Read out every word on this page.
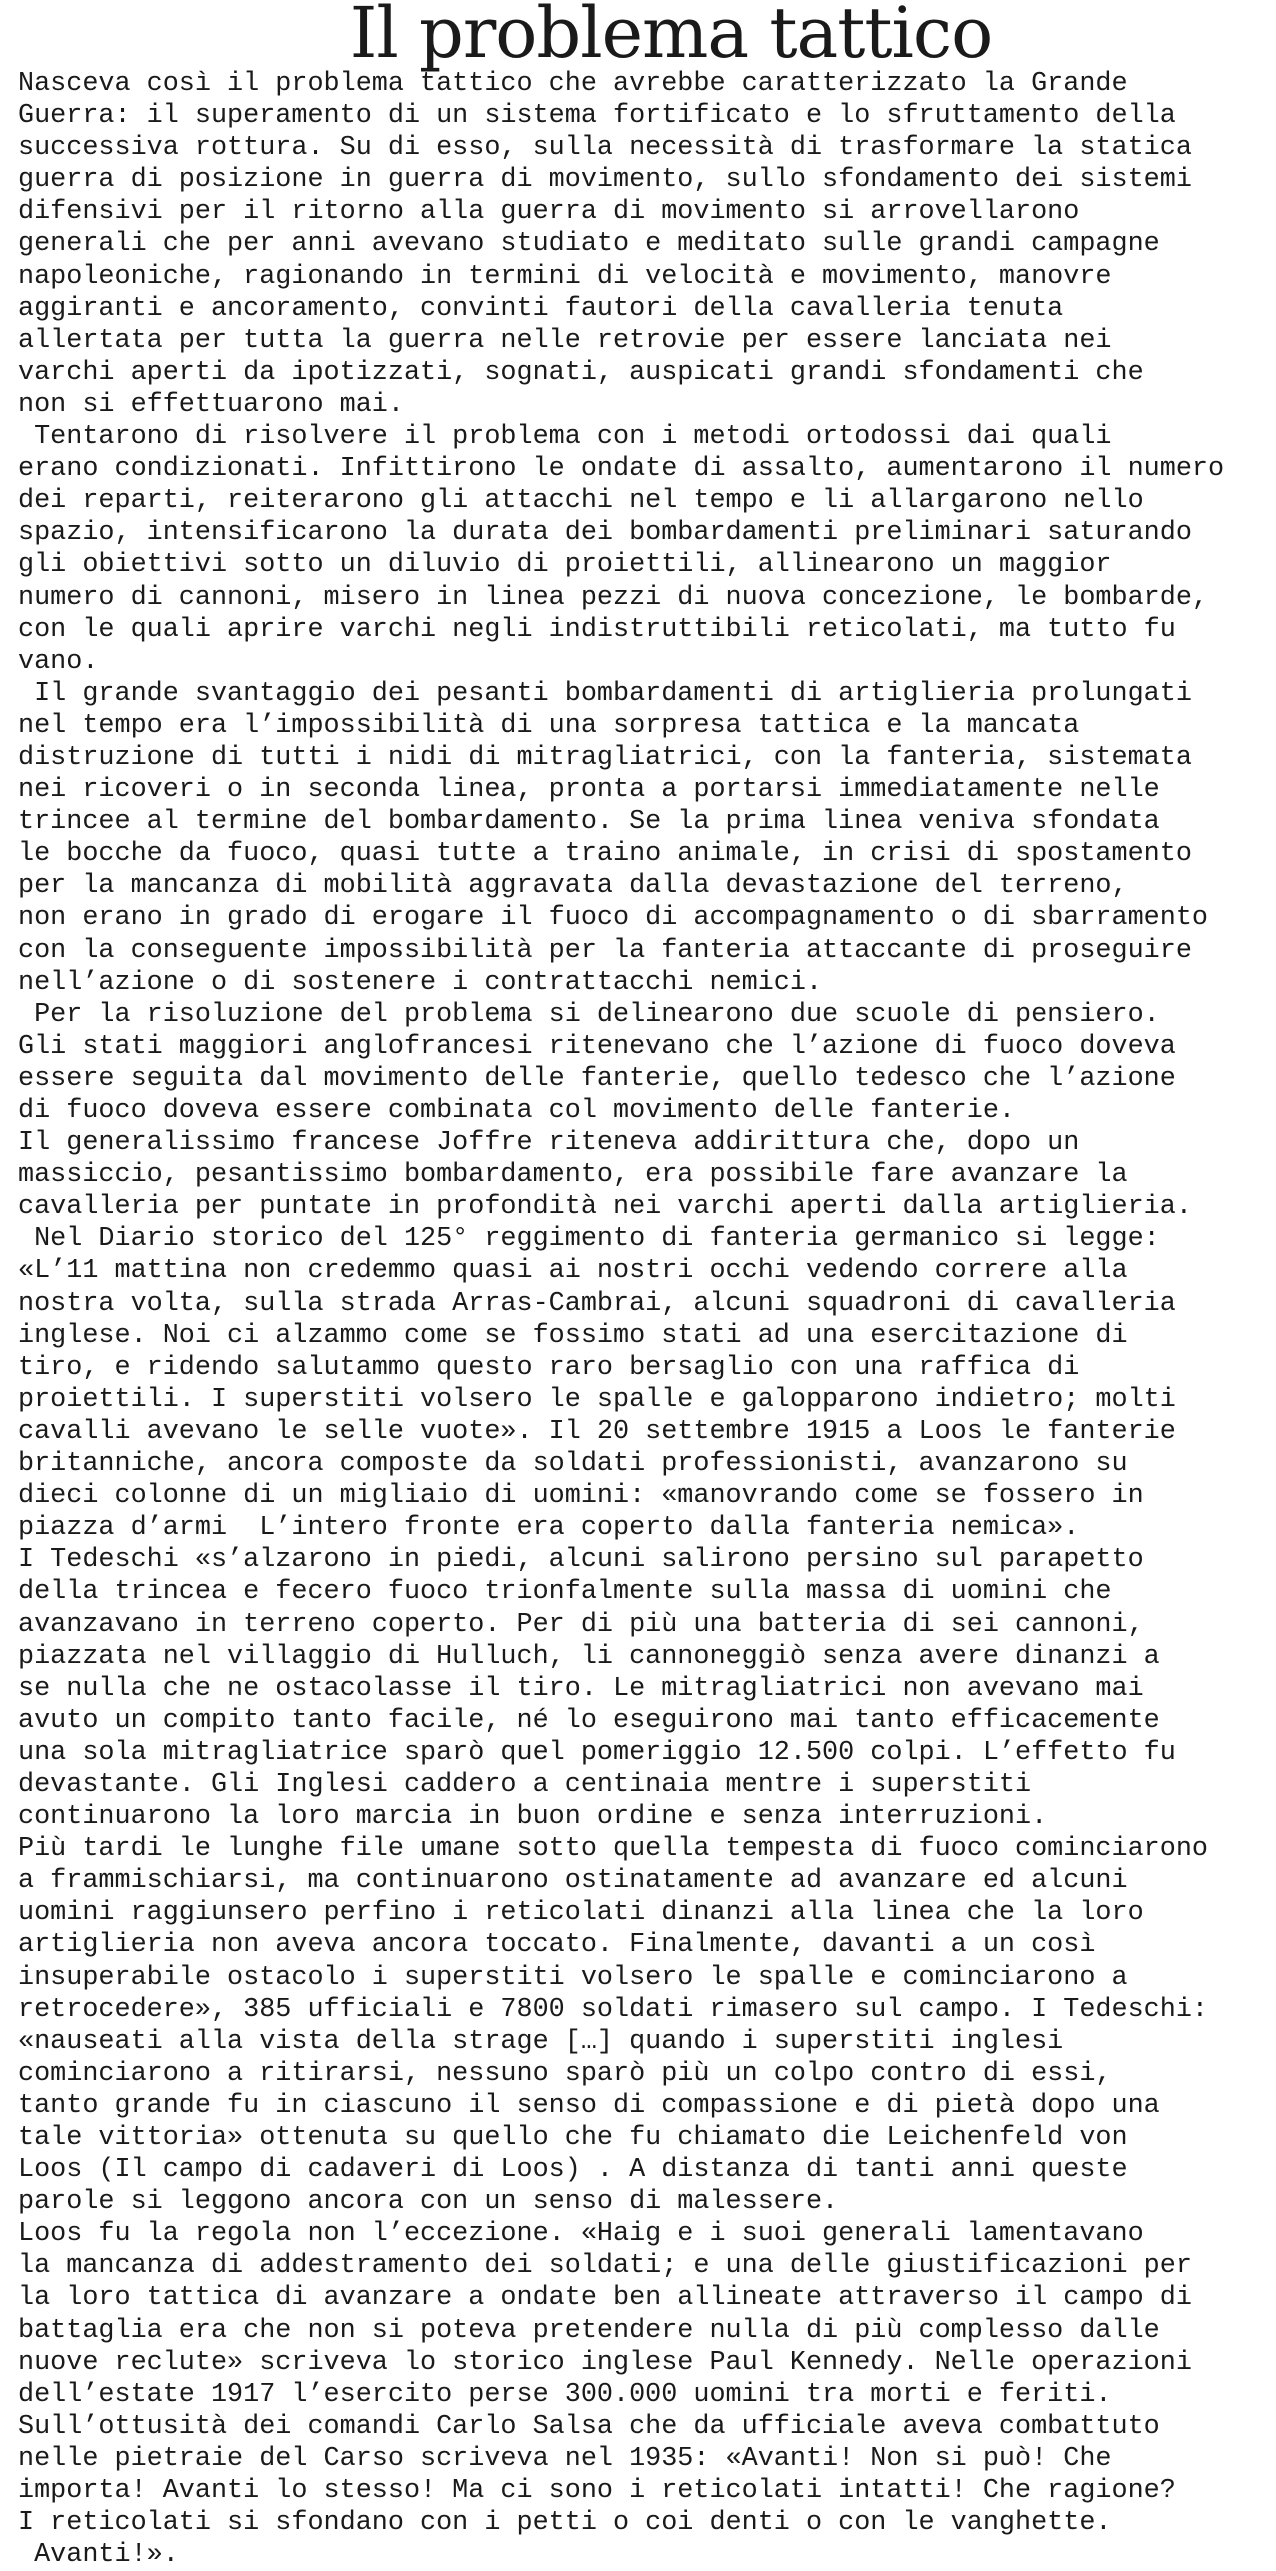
Il problema tattico
Nasceva così il problema tattico che avrebbe caratterizzato la Grande
Guerra: il superamento di un sistema fortificato e lo sfruttamento della
successiva rottura. Su di esso, sulla necessità di trasformare la statica
guerra di posizione in guerra di movimento, sullo sfondamento dei sistemi
difensivi per il ritorno alla guerra di movimento si arrovellarono
generali che per anni avevano studiato e meditato sulle grandi campagne
napoleoniche, ragionando in termini di velocità e movimento, manovre
aggiranti e ancoramento, convinti fautori della cavalleria tenuta
allertata per tutta la guerra nelle retrovie per essere lanciata nei
varchi aperti da ipotizzati, sognati, auspicati grandi sfondamenti che
non si effettuarono mai.
Tentarono di risolvere il problema con i metodi ortodossi dai quali
erano condizionati. Infittirono le ondate di assalto, aumentarono il numero
dei reparti, reiterarono gli attacchi nel tempo e li allargarono nello
spazio, intensificarono la durata dei bombardamenti preliminari saturando
gli obiettivi sotto un diluvio di proiettili, allinearono un maggior
numero di cannoni, misero in linea pezzi di nuova concezione, le bombarde,
con le quali aprire varchi negli indistruttibili reticolati, ma tutto fu
vano.
Il grande svantaggio dei pesanti bombardamenti di artiglieria prolungati
nel tempo era l’impossibilità di una sorpresa tattica e la mancata
distruzione di tutti i nidi di mitragliatrici, con la fanteria, sistemata
nei ricoveri o in seconda linea, pronta a portarsi immediatamente nelle
trincee al termine del bombardamento. Se la prima linea veniva sfondata
le bocche da fuoco, quasi tutte a traino animale, in crisi di spostamento
per la mancanza di mobilità aggravata dalla devastazione del terreno,
non erano in grado di erogare il fuoco di accompagnamento o di sbarramento
con la conseguente impossibilità per la fanteria attaccante di proseguire
nell’azione o di sostenere i contrattacchi nemici.
Per la risoluzione del problema si delinearono due scuole di pensiero.
Gli stati maggiori anglofrancesi ritenevano che l’azione di fuoco doveva
essere seguita dal movimento delle fanterie, quello tedesco che l’azione
di fuoco doveva essere combinata col movimento delle fanterie.
Il generalissimo francese Joffre riteneva addirittura che, dopo un
massiccio, pesantissimo bombardamento, era possibile fare avanzare la
cavalleria per puntate in profondità nei varchi aperti dalla artiglieria.
Nel Diario storico del 125° reggimento di fanteria germanico si legge:
«L’11 mattina non credemmo quasi ai nostri occhi vedendo correre alla
nostra volta, sulla strada Arras-Cambrai, alcuni squadroni di cavalleria
inglese. Noi ci alzammo come se fossimo stati ad una esercitazione di
tiro, e ridendo salutammo questo raro bersaglio con una raffica di
proiettili. I superstiti volsero le spalle e galopparono indietro; molti
cavalli avevano le selle vuote». Il 20 settembre 1915 a Loos le fanterie
britanniche, ancora composte da soldati professionisti, avanzarono su
dieci colonne di un migliaio di uomini: «manovrando come se fossero in
piazza d’armi  L’intero fronte era coperto dalla fanteria nemica».
I Tedeschi «s’alzarono in piedi, alcuni salirono persino sul parapetto
della trincea e fecero fuoco trionfalmente sulla massa di uomini che
avanzavano in terreno coperto. Per di più una batteria di sei cannoni,
piazzata nel villaggio di Hulluch, li cannoneggiò senza avere dinanzi a
se nulla che ne ostacolasse il tiro. Le mitragliatrici non avevano mai
avuto un compito tanto facile, né lo eseguirono mai tanto efficacemente
una sola mitragliatrice sparò quel pomeriggio 12.500 colpi. L’effetto fu
devastante. Gli Inglesi caddero a centinaia mentre i superstiti
continuarono la loro marcia in buon ordine e senza interruzioni.
Più tardi le lunghe file umane sotto quella tempesta di fuoco cominciarono
a frammischiarsi, ma continuarono ostinatamente ad avanzare ed alcuni
uomini raggiunsero perfino i reticolati dinanzi alla linea che la loro
artiglieria non aveva ancora toccato. Finalmente, davanti a un così
insuperabile ostacolo i superstiti volsero le spalle e cominciarono a
retrocedere», 385 ufficiali e 7800 soldati rimasero sul campo. I Tedeschi:
«nauseati alla vista della strage […] quando i superstiti inglesi
cominciarono a ritirarsi, nessuno sparò più un colpo contro di essi,
tanto grande fu in ciascuno il senso di compassione e di pietà dopo una
tale vittoria» ottenuta su quello che fu chiamato die Leichenfeld von
Loos (Il campo di cadaveri di Loos) . A distanza di tanti anni queste
parole si leggono ancora con un senso di malessere.
Loos fu la regola non l’eccezione. «Haig e i suoi generali lamentavano
la mancanza di addestramento dei soldati; e una delle giustificazioni per
la loro tattica di avanzare a ondate ben allineate attraverso il campo di
battaglia era che non si poteva pretendere nulla di più complesso dalle
nuove reclute» scriveva lo storico inglese Paul Kennedy. Nelle operazioni
dell’estate 1917 l’esercito perse 300.000 uomini tra morti e feriti.
Sull’ottusità dei comandi Carlo Salsa che da ufficiale aveva combattuto
nelle pietraie del Carso scriveva nel 1935: «Avanti! Non si può! Che
importa! Avanti lo stesso! Ma ci sono i reticolati intatti! Che ragione?
I reticolati si sfondano con i petti o coi denti o con le vanghette.
Avanti!».
